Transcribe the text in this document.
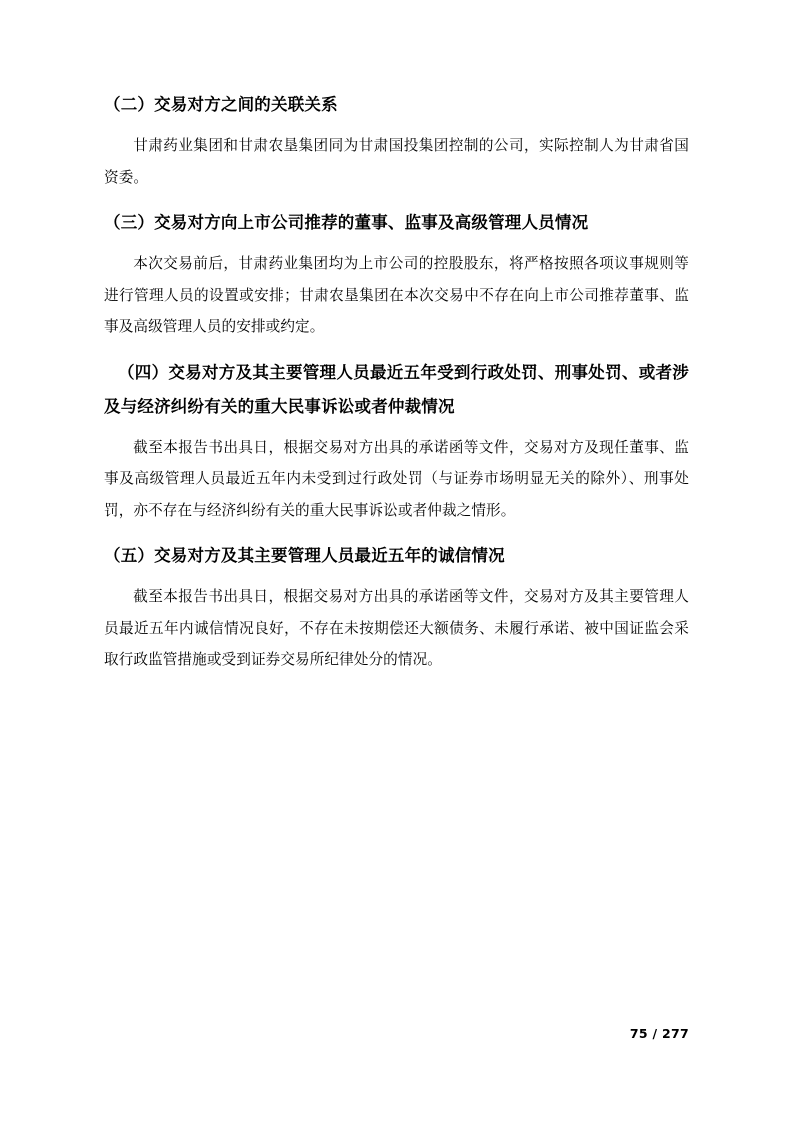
（二）交易对方之间的关联关系

甘肃药业集团和甘肃农垦集团同为甘肃国投集团控制的公司，实际控制人为甘肃省国资委。

（三）交易对方向上市公司推荐的董事、监事及高级管理人员情况

本次交易前后，甘肃药业集团均为上市公司的控股股东，将严格按照各项议事规则等进行管理人员的设置或安排；甘肃农垦集团在本次交易中不存在向上市公司推荐董事、监事及高级管理人员的安排或约定。

（四）交易对方及其主要管理人员最近五年受到行政处罚、刑事处罚、或者涉及与经济纠纷有关的重大民事诉讼或者仲裁情况

截至本报告书出具日，根据交易对方出具的承诺函等文件，交易对方及现任董事、监事及高级管理人员最近五年内未受到过行政处罚（与证券市场明显无关的除外）、刑事处罚，亦不存在与经济纠纷有关的重大民事诉讼或者仲裁之情形。

（五）交易对方及其主要管理人员最近五年的诚信情况

截至本报告书出具日，根据交易对方出具的承诺函等文件，交易对方及其主要管理人员最近五年内诚信情况良好，不存在未按期偿还大额债务、未履行承诺、被中国证监会采取行政监管措施或受到证券交易所纪律处分的情况。

75 / 277
